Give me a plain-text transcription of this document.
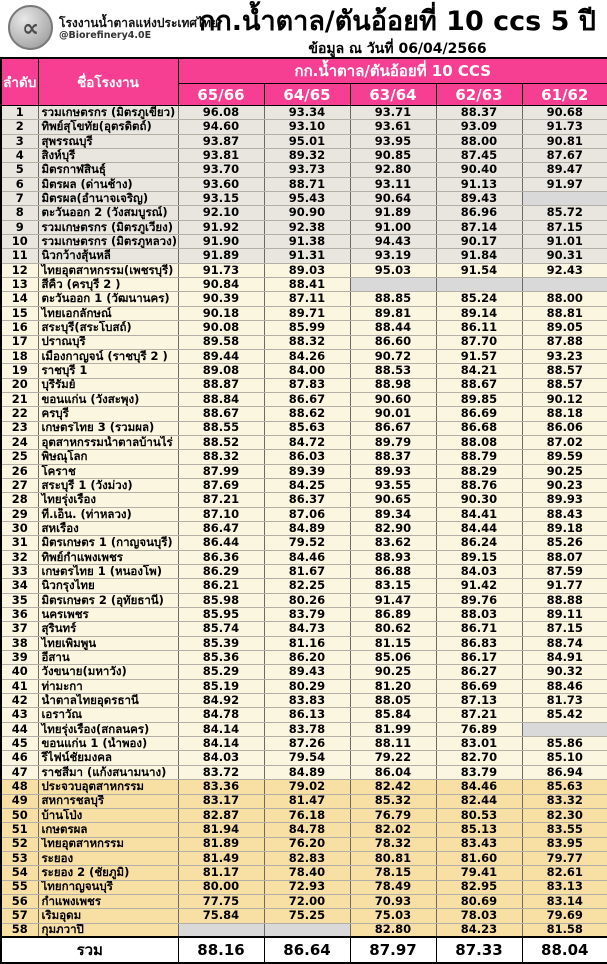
∝	โรงงานน้ำตาลแห่งประเทศไทย
@Biorefinery4.0E	กก.น้ำตาล/ตันอ้อยที่ 10 ccs 5 ปี
ข้อมูล ณ วันที่ 06/04/2566
ลำดับ	ชื่อโรงงาน	กก.น้ำตาล/ตันอ้อยที่ 10 CCS				
		65/66	64/65	63/64	62/63	61/62
1	รวมเกษตรกร (มิตรภูเขียว)	96.08	93.34	93.71	88.37	90.68
2	ทิพย์สุโขทัย(อุตรดิตถ์)	94.60	93.10	93.61	93.09	91.73
3	สุพรรณบุรี	93.87	95.01	93.95	88.00	90.81
4	สิงห์บุรี	93.81	89.32	90.85	87.45	87.67
5	มิตรกาฬสินธุ์	93.70	93.73	92.80	90.40	89.47
6	มิตรผล (ด่านช้าง)	93.60	88.71	93.11	91.13	91.97
7	มิตรผล(อำนาจเจริญ)	93.15	95.43	90.64	89.43	
8	ตะวันออก 2 (วังสมบูรณ์)	92.10	90.90	91.89	86.96	85.72
9	รวมเกษตรกร (มิตรภูเวียง)	91.92	92.38	91.00	87.14	87.15
10	รวมเกษตรกร (มิตรภูหลวง)	91.90	91.38	94.43	90.17	91.01
11	นิวกว้างสุ้นหลี	91.89	91.31	93.19	91.84	90.31
12	ไทยอุตสาหกรรม(เพชรบุรี)	91.73	89.03	95.03	91.54	92.43
13	สีคิ้ว (ครบุรี 2 )	90.84	88.41			
14	ตะวันออก 1 (วัฒนานคร)	90.39	87.11	88.85	85.24	88.00
15	ไทยเอกลักษณ์	90.18	89.71	89.81	89.14	88.81
16	สระบุรี(สระโบสถ์)	90.08	85.99	88.44	86.11	89.05
17	ปราณบุรี	89.58	88.32	86.60	87.70	87.88
18	เมืองกาญจน์ (ราชบุรี 2 )	89.44	84.26	90.72	91.57	93.23
19	ราชบุรี 1	89.08	84.00	88.53	84.21	88.57
20	บุรีรัมย์	88.87	87.83	88.98	88.67	88.57
21	ขอนแก่น (วังสะพุง)	88.84	86.67	90.60	89.85	90.12
22	ครบุรี	88.67	88.62	90.01	86.69	88.18
23	เกษตรไทย 3 (รวมผล)	88.55	85.63	86.67	86.68	86.06
24	อุตสาหกรรมน้ำตาลบ้านไร่	88.52	84.72	89.79	88.08	87.02
25	พิษณุโลก	88.32	86.03	88.37	88.79	89.59
26	โคราช	87.99	89.39	89.93	88.29	90.25
27	สระบุรี 1 (วังม่วง)	87.69	84.25	93.55	88.76	90.23
28	ไทยรุ่งเรือง	87.21	86.37	90.65	90.30	89.93
29	ที.เอ็น. (ท่าหลวง)	87.10	87.06	89.34	84.41	88.43
30	สหเรือง	86.47	84.89	82.90	84.44	89.18
31	มิตรเกษตร 1 (กาญจนบุรี)	86.44	79.52	83.62	86.24	85.26
32	ทิพย์กำแพงเพชร	86.36	84.46	88.93	89.15	88.07
33	เกษตรไทย 1 (หนองโพ)	86.29	81.67	86.88	84.03	87.59
34	นิวกรุงไทย	86.21	82.25	83.15	91.42	91.77
35	มิตรเกษตร 2 (อุทัยธานี)	85.98	80.26	91.47	89.76	88.88
36	นครเพชร	85.95	83.79	86.89	88.03	89.11
37	สุรินทร์	85.74	84.73	80.62	86.71	87.15
38	ไทยเพิ่มพูน	85.39	81.16	81.15	86.83	88.74
39	อีสาน	85.36	86.20	85.06	86.17	84.91
40	วังขนาย(มหาวัง)	85.29	89.43	90.25	86.27	90.32
41	ท่ามะกา	85.19	80.29	81.20	86.69	88.46
42	น้ำตาลไทยอุดรธานี	84.92	83.83	88.05	87.13	81.73
43	เอราวัณ	84.78	86.13	85.84	87.21	85.42
44	ไทยรุ่งเรือง(สกลนคร)	84.14	83.78	81.99	76.89	
45	ขอนแก่น 1 (น้ำพอง)	84.14	87.26	88.11	83.01	85.86
46	รีไฟน์ชัยมงคล	84.03	79.54	79.22	82.70	85.10
47	ราชสีมา (แก้งสนามนาง)	83.72	84.89	86.04	83.79	86.94
48	ประจวบอุตสาหกรรม	83.36	79.02	82.42	84.46	85.63
49	สหการชลบุรี	83.17	81.47	85.32	82.44	83.32
50	บ้านโป่ง	82.87	76.18	76.79	80.53	82.30
51	เกษตรผล	81.94	84.78	82.02	85.13	83.55
52	ไทยอุตสาหกรรม	81.89	76.20	78.32	83.43	83.95
53	ระยอง	81.49	82.83	80.81	81.60	79.77
54	ระยอง 2 (ชัยภูมิ)	81.17	78.40	78.15	79.41	82.61
55	ไทยกาญจนบุรี	80.00	72.93	78.49	82.95	83.13
56	กำแพงเพชร	77.75	72.00	70.93	80.69	83.14
57	เริ่มอุดม	75.84	75.25	75.03	78.03	79.69
58	กุมภวาปี			82.80	84.23	81.58
รวม		88.16	86.64	87.97	87.33	88.04
